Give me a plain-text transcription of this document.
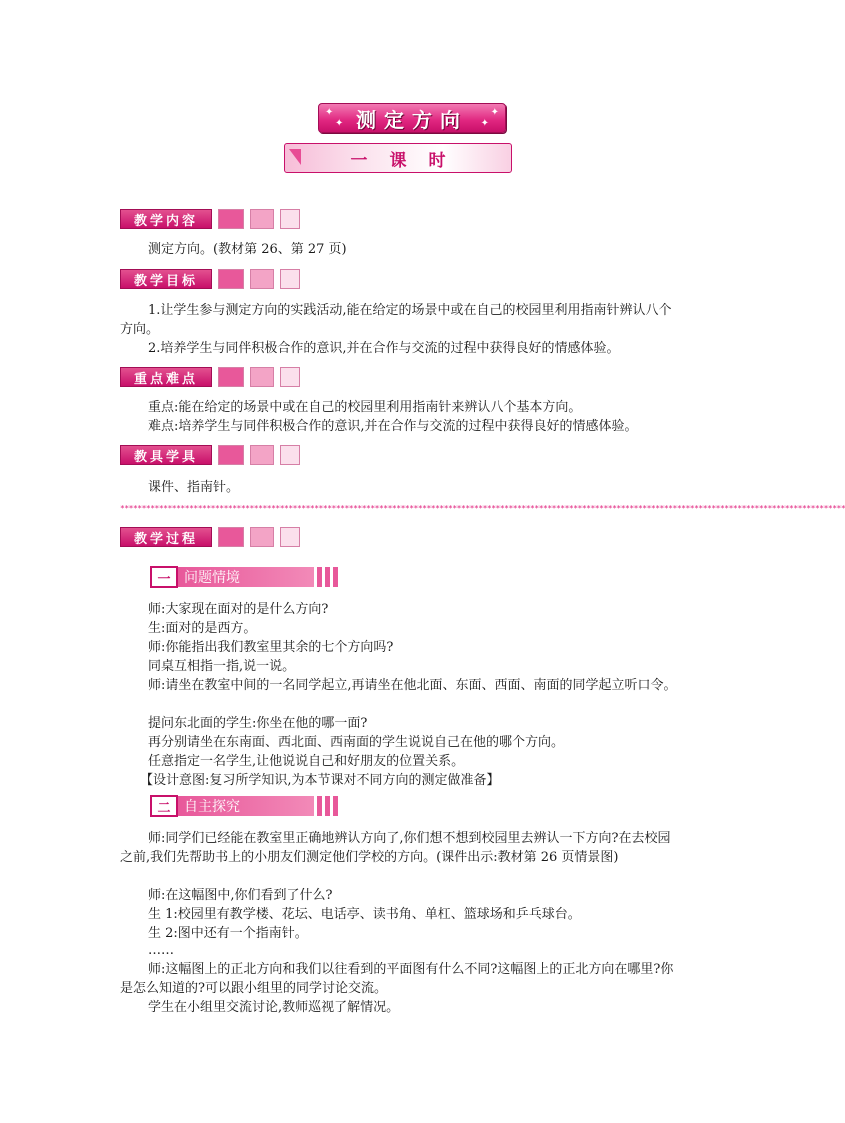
✦
✦
✦
✦
测定方向
一课时
教学内容
测定方向。(教材第 26、第 27 页)
教学目标
1.让学生参与测定方向的实践活动,能在给定的场景中或在自己的校园里利用指南针辨认八个方向。
2.培养学生与同伴积极合作的意识,并在合作与交流的过程中获得良好的情感体验。
重点难点
重点:能在给定的场景中或在自己的校园里利用指南针来辨认八个基本方向。
难点:培养学生与同伴积极合作的意识,并在合作与交流的过程中获得良好的情感体验。
教具学具
课件、指南针。
************************************************************************************************************************************************************************
教学过程
一 问题情境
师:大家现在面对的是什么方向?
生:面对的是西方。
师:你能指出我们教室里其余的七个方向吗?
同桌互相指一指,说一说。
师:请坐在教室中间的一名同学起立,再请坐在他北面、东面、西面、南面的同学起立听口令。
提问东北面的学生:你坐在他的哪一面?
再分别请坐在东南面、西北面、西南面的学生说说自己在他的哪个方向。
任意指定一名学生,让他说说自己和好朋友的位置关系。
【设计意图:复习所学知识,为本节课对不同方向的测定做准备】
二 自主探究
师:同学们已经能在教室里正确地辨认方向了,你们想不想到校园里去辨认一下方向?在去校园之前,我们先帮助书上的小朋友们测定他们学校的方向。(课件出示:教材第 26 页情景图)
师:在这幅图中,你们看到了什么?
生 1:校园里有教学楼、花坛、电话亭、读书角、单杠、篮球场和乒乓球台。
生 2:图中还有一个指南针。
……
师:这幅图上的正北方向和我们以往看到的平面图有什么不同?这幅图上的正北方向在哪里?你是怎么知道的?可以跟小组里的同学讨论交流。
学生在小组里交流讨论,教师巡视了解情况。
